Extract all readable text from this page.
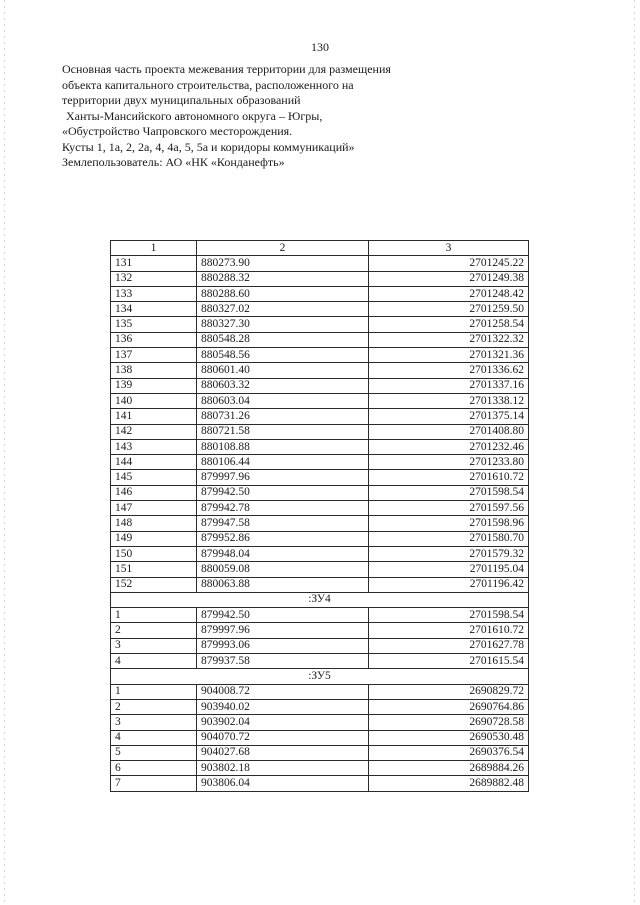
130
Основная часть проекта межевания территории для размещения
объекта капитального строительства, расположенного на
территории двух муниципальных образований
Ханты-Мансийского автономного округа – Югры,
«Обустройство Чапровского месторождения.
Кусты 1, 1а, 2, 2а, 4, 4а, 5, 5а и коридоры коммуникаций»
Землепользователь: АО «НК «Конданефть»
1	2	3
131	880273.90	2701245.22
132	880288.32	2701249.38
133	880288.60	2701248.42
134	880327.02	2701259.50
135	880327.30	2701258.54
136	880548.28	2701322.32
137	880548.56	2701321.36
138	880601.40	2701336.62
139	880603.32	2701337.16
140	880603.04	2701338.12
141	880731.26	2701375.14
142	880721.58	2701408.80
143	880108.88	2701232.46
144	880106.44	2701233.80
145	879997.96	2701610.72
146	879942.50	2701598.54
147	879942.78	2701597.56
148	879947.58	2701598.96
149	879952.86	2701580.70
150	879948.04	2701579.32
151	880059.08	2701195.04
152	880063.88	2701196.42
:ЗУ4		
1	879942.50	2701598.54
2	879997.96	2701610.72
3	879993.06	2701627.78
4	879937.58	2701615.54
:ЗУ5		
1	904008.72	2690829.72
2	903940.02	2690764.86
3	903902.04	2690728.58
4	904070.72	2690530.48
5	904027.68	2690376.54
6	903802.18	2689884.26
7	903806.04	2689882.48
